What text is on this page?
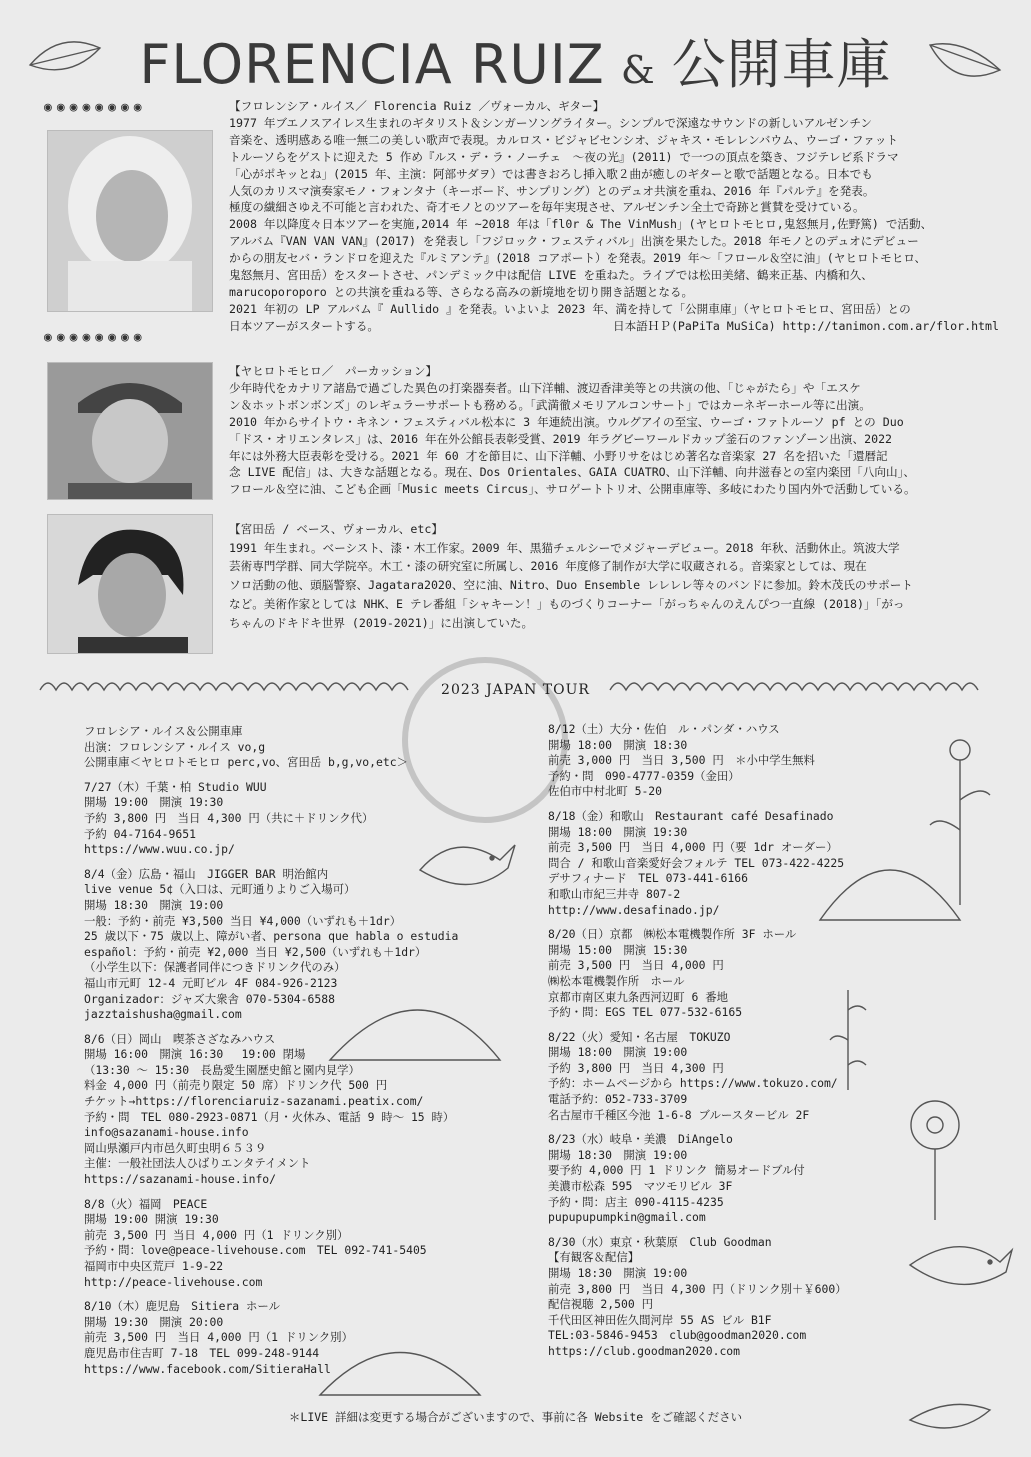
FLORENCIA RUIZ & 公開車庫
◉◉◉◉◉◉◉◉
◉◉◉◉◉◉◉◉
【フロレンシア・ルイス／ Florencia Ruiz ／ヴォーカル、ギター】
1977 年ブエノスアイレス生まれのギタリスト＆シンガーソングライター。シンプルで深遠なサウンドの新しいアルゼンチン
音楽を、透明感ある唯一無二の美しい歌声で表現。カルロス・ビジャビセンシオ、ジャキス・モレレンバウム、ウーゴ・ファット
トルーソらをゲストに迎えた 5 作め『ルス・デ・ラ・ノーチェ　～夜の光』(2011) で一つの頂点を築き、フジテレビ系ドラマ
「心がポキッとね」(2015 年、主演：阿部サダヲ）では書きおろし挿入歌２曲が癒しのギターと歌で話題となる。日本でも
人気のカリスマ演奏家モノ・フォンタナ（キーボード、サンプリング）とのデュオ共演を重ね、2016 年『パルテ』を発表。
極度の繊細さゆえ不可能と言われた、奇才モノとのツアーを毎年実現させ、アルゼンチン全土で奇跡と賞賛を受けている。
2008 年以降度々日本ツアーを実施,2014 年 ~2018 年は「fl0r & The VinMush」(ヤヒロトモヒロ,鬼怒無月,佐野篤) で活動、
アルバム『VAN VAN VAN』(2017) を発表し「フジロック・フェスティバル」出演を果たした。2018 年モノとのデュオにデビュー
からの朋友セバ・ランドロを迎えた『ルミアンテ』(2018 コアポート）を発表。2019 年～「フロール＆空に油」(ヤヒロトモヒロ、
鬼怒無月、宮田岳）をスタートさせ、パンデミック中は配信 LIVE を重ねた。ライブでは松田美緒、鶴来正基、内橋和久、
marucoporoporo との共演を重ねる等、さらなる高みの新境地を切り開き話題となる。
2021 年初の LP アルバム『 Aullido 』を発表。いよいよ 2023 年、満を持して「公開車庫」（ヤヒロトモヒロ、宮田岳）との
日本ツアーがスタートする。	日本語ＨＰ(PaPiTa MuSiCa) http://tanimon.com.ar/flor.html
【ヤヒロトモヒロ／　パーカッション】
少年時代をカナリア諸島で過ごした異色の打楽器奏者。山下洋輔、渡辺香津美等との共演の他、「じゃがたら」や「エスケ
ン＆ホットボンボンズ」のレギュラーサポートも務める。「武満徹メモリアルコンサート」ではカーネギーホール等に出演。
2010 年からサイトウ・キネン・フェスティバル松本に 3 年連続出演。ウルグアイの至宝、ウーゴ・ファトルーソ pf との Duo
「ドス・オリエンタレス」は、2016 年在外公館長表彰受賞、2019 年ラグビーワールドカップ釜石のファンゾーン出演、2022
年には外務大臣表彰を受ける。2021 年 60 才を節目に、山下洋輔、小野リサをはじめ著名な音楽家 27 名を招いた「還暦記
念 LIVE 配信」は、大きな話題となる。現在、Dos Orientales、GAIA CUATRO、山下洋輔、向井滋春との室内楽団「八向山」、
フロール＆空に油、こども企画「Music meets Circus」、サロゲートトリオ、公開車庫等、多岐にわたり国内外で活動している。
【宮田岳 / ベース、ヴォーカル、etc】
1991 年生まれ。ベーシスト、漆・木工作家。2009 年、黒猫チェルシーでメジャーデビュー。2018 年秋、活動休止。筑波大学
芸術専門学群、同大学院卒。木工・漆の研究室に所属し、2016 年度修了制作が大学に収蔵される。音楽家としては、現在
ソロ活動の他、頭脳警察、Jagatara2020、空に油、Nitro、Duo Ensemble レレレレ等々のバンドに参加。鈴木茂氏のサポート
など。美術作家としては NHK、E テレ番組「シャキーン！」ものづくりコーナー「がっちゃんのえんぴつ一直線 (2018)」「がっ
ちゃんのドキドキ世界 (2019-2021)」に出演していた。
2023 JAPAN TOUR
フロレシア・ルイス＆公開車庫
出演：フロレンシア・ルイス vo,g
公開車庫＜ヤヒロトモヒロ perc,vo、宮田岳 b,g,vo,etc＞
7/27（木）千葉・柏 Studio WUU
開場 19:00　開演 19:30
予約 3,800 円　当日 4,300 円（共に＋ドリンク代）
予約 04-7164-9651
https://www.wuu.co.jp/
8/4（金）広島・福山　JIGGER BAR 明治館内
live venue 5¢（入口は、元町通りよりご入場可）
開場 18:30　開演 19:00
一般：予約・前売 ¥3,500 当日 ¥4,000（いずれも＋1dr）
25 歳以下・75 歳以上、障がい者、persona que habla o estudia
español：予約・前売 ¥2,000 当日 ¥2,500（いずれも＋1dr）
（小学生以下：保護者同伴につきドリンク代のみ）
福山市元町 12-4 元町ビル 4F 084-926-2123
Organizador：ジャズ大衆舎 070-5304-6588
jazztaishusha@gmail.com
8/6（日）岡山　喫茶さざなみハウス
開場 16:00　開演 16:30　 19:00 閉場
（13:30 ～ 15:30　長島愛生園歴史館と園内見学）
料金 4,000 円（前売り限定 50 席）ドリンク代 500 円
チケット→https://florenciaruiz-sazanami.peatix.com/
予約・問　TEL 080-2923-0871（月・火休み、電話 9 時～ 15 時）
info@sazanami-house.info
岡山県瀬戸内市邑久町虫明６５３９
主催：一般社団法人ひばりエンタテイメント
https://sazanami-house.info/
8/8（火）福岡　PEACE
開場 19:00 開演 19:30
前売 3,500 円 当日 4,000 円（1 ドリンク別）
予約・問：love@peace-livehouse.com　TEL 092-741-5405
福岡市中央区荒戸 1-9-22
http://peace-livehouse.com
8/10（木）鹿児島　Sitiera ホール
開場 19:30　開演 20:00
前売 3,500 円　当日 4,000 円（1 ドリンク別）
鹿児島市住吉町 7-18　TEL 099-248-9144
https://www.facebook.com/SitieraHall
8/12（土）大分・佐伯　ル・パンダ・ハウス
開場 18:00　開演 18:30
前売 3,000 円　当日 3,500 円　＊小中学生無料
予約・問　090-4777-0359（金田）
佐伯市中村北町 5-20
8/18（金）和歌山　Restaurant café Desafinado
開場 18:00　開演 19:30
前売 3,500 円　当日 4,000 円（要 1dr オーダー）
問合 / 和歌山音楽愛好会フォルテ TEL 073-422-4225
デサフィナード　TEL 073-441-6166
和歌山市紀三井寺 807-2
http://www.desafinado.jp/
8/20（日）京都　㈱松本電機製作所 3F ホール
開場 15:00　開演 15:30
前売 3,500 円　当日 4,000 円
㈱松本電機製作所　ホール
京都市南区東九条西河辺町 6 番地
予約・問：EGS TEL 077-532-6165
8/22（火）愛知・名古屋　TOKUZO
開場 18:00　開演 19:00
予約 3,800 円　当日 4,300 円
予約：ホームページから https://www.tokuzo.com/
電話予約：052-733-3709
名古屋市千種区今池 1-6-8 ブルースタービル 2F
8/23（水）岐阜・美濃　DiAngelo
開場 18:30　開演 19:00
要予約 4,000 円 1 ドリンク 簡易オードブル付
美濃市松森 595　マツモリビル 3F
予約・問：店主 090-4115-4235
pupupupumpkin@gmail.com
8/30（水）東京・秋葉原　Club Goodman
【有観客＆配信】
開場 18:30　開演 19:00
前売 3,800 円　当日 4,300 円（ドリンク別＋￥600）
配信視聴 2,500 円
千代田区神田佐久間河岸 55 AS ビル B1F
TEL:03-5846-9453　club@goodman2020.com
https://club.goodman2020.com
＊LIVE 詳細は変更する場合がございますので、事前に各 Website をご確認ください
